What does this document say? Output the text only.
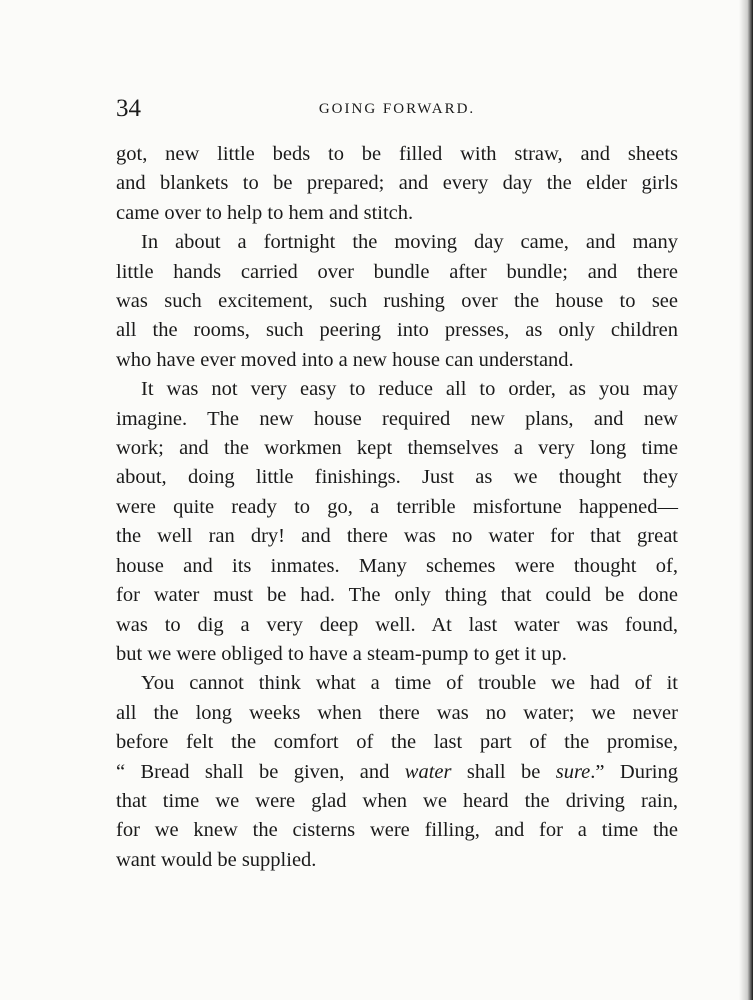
34	GOING FORWARD.

got, new little beds to be filled with straw, and sheets

and blankets to be prepared; and every day the elder girls

came over to help to hem and stitch.

In about a fortnight the moving day came, and many

little hands carried over bundle after bundle; and there

was such excitement, such rushing over the house to see

all the rooms, such peering into presses, as only children

who have ever moved into a new house can understand.

It was not very easy to reduce all to order, as you may

imagine. The new house required new plans, and new

work; and the workmen kept themselves a very long time

about, doing little finishings. Just as we thought they

were quite ready to go, a terrible misfortune happened—

the well ran dry! and there was no water for that great

house and its inmates. Many schemes were thought of,

for water must be had. The only thing that could be done

was to dig a very deep well. At last water was found,

but we were obliged to have a steam-pump to get it up.

You cannot think what a time of trouble we had of it

all the long weeks when there was no water; we never

before felt the comfort of the last part of the promise,

“ Bread shall be given, and water shall be sure.” During

that time we were glad when we heard the driving rain,

for we knew the cisterns were filling, and for a time the

want would be supplied.
